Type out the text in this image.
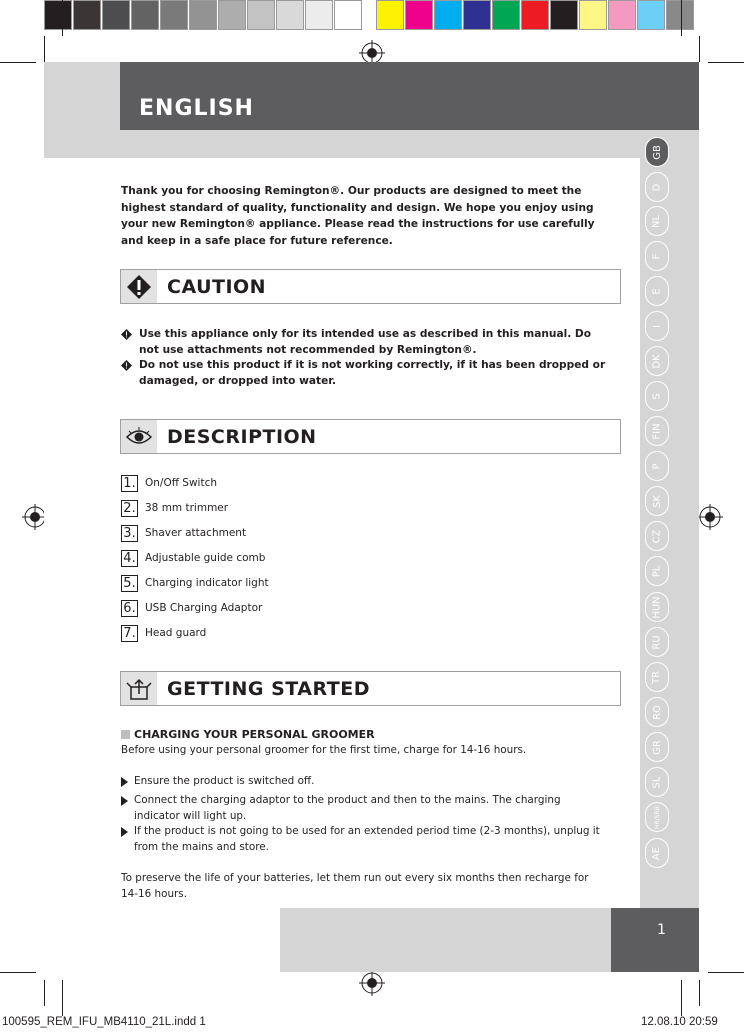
ENGLISH
GB
D
NL
F
E
I
DK
S
FIN
P
SK
CZ
PL
HUN
RU
TR
RO
GR
SL
HR/SRB
AE
1
Thank you for choosing Remington®. Our products are designed to meet the highest standard of quality, functionality and design. We hope you enjoy using your new Remington® appliance. Please read the instructions for use carefully and keep in a safe place for future reference.
CAUTION
Use this appliance only for its intended use as described in this manual. Do not use attachments not recommended by Remington®.
Do not use this product if it is not working correctly, if it has been dropped or damaged, or dropped into water.
DESCRIPTION
1. On/Off Switch
2. 38 mm trimmer
3. Shaver attachment
4. Adjustable guide comb
5. Charging indicator light
6. USB Charging Adaptor
7. Head guard
GETTING STARTED
CHARGING YOUR PERSONAL GROOMER
Before using your personal groomer for the first time, charge for 14-16 hours.
Ensure the product is switched off.
Connect the charging adaptor to the product and then to the mains. The charging indicator will light up.
If the product is not going to be used for an extended period time (2-3 months), unplug it from the mains and store.
To preserve the life of your batteries, let them run out every six months then recharge for 14-16 hours.
100595_REM_IFU_MB4110_21L.indd 1	12.08.10 20:59
